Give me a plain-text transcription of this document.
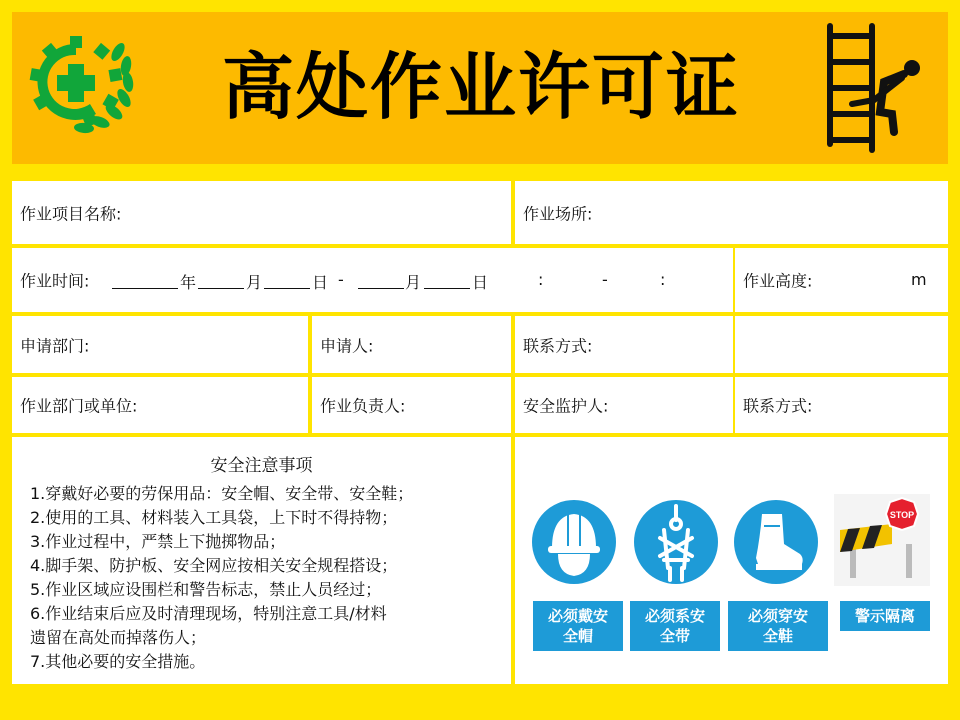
高处作业许可证
作业项目名称:	作业场所:
作业时间:	年	月	日 -	月	日	:	-	:	作业高度:	m
申请部门:	申请人:	联系方式:
作业部门或单位:	作业负责人:	安全监护人:	联系方式:
安全注意事项
1.穿戴好必要的劳保用品：安全帽、安全带、安全鞋；
2.使用的工具、材料装入工具袋，上下时不得持物；
3.作业过程中，严禁上下抛掷物品；
4.脚手架、防护板、安全网应按相关安全规程搭设；
5.作业区域应设围栏和警告标志，禁止人员经过；
6.作业结束后应及时清理现场，特别注意工具/材料
遗留在高处而掉落伤人；
7.其他必要的安全措施。
必须戴安
全帽
必须系安
全带
必须穿安
全鞋
STOP
警示隔离
